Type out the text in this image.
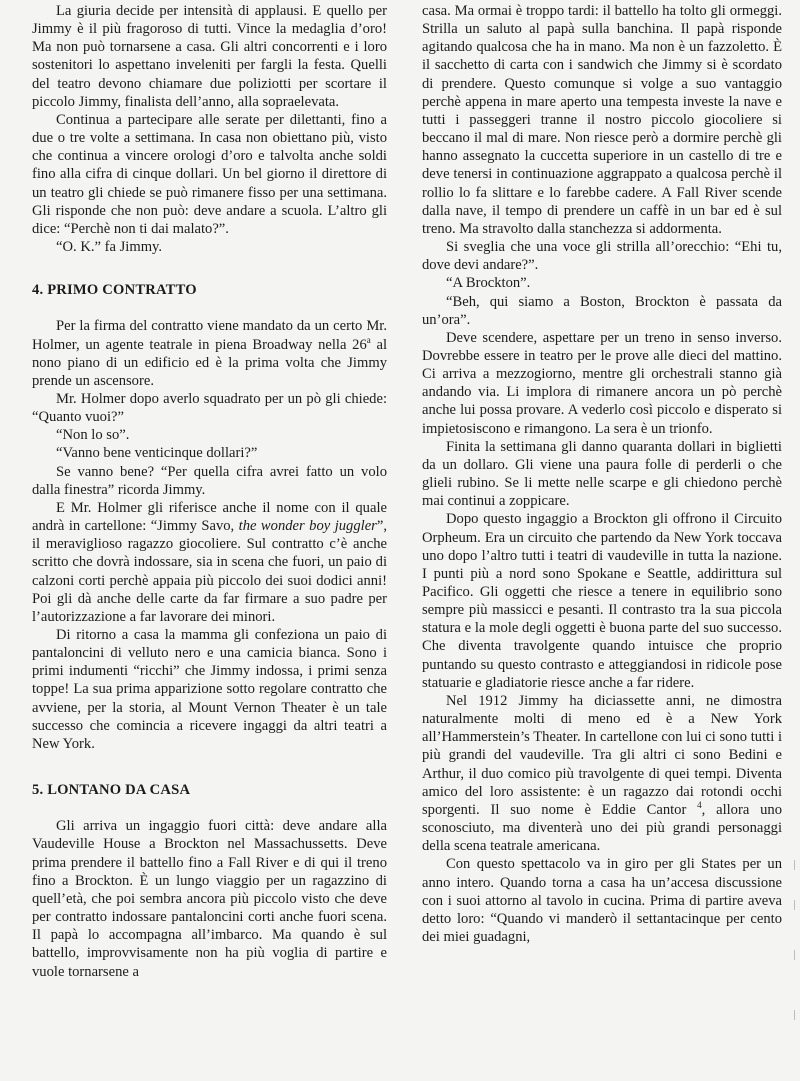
La giuria decide per intensità di applausi. E quello per Jimmy è il più fragoroso di tutti. Vince la medaglia d’oro! Ma non può tornarsene a casa. Gli altri concorrenti e i loro sostenitori lo aspettano inveleniti per fargli la festa. Quelli del teatro devono chiamare due poliziotti per scortare il piccolo Jimmy, finalista dell’anno, alla sopraelevata.

Continua a partecipare alle serate per dilettanti, fino a due o tre volte a settimana. In casa non obiettano più, visto che continua a vincere orologi d’oro e talvolta anche soldi fino alla cifra di cinque dollari. Un bel giorno il direttore di un teatro gli chiede se può rimanere fisso per una settimana. Gli risponde che non può: deve andare a scuola. L’altro gli dice: “Perchè non ti dai malato?”.

“O. K.” fa Jimmy.

4. PRIMO CONTRATTO

Per la firma del contratto viene mandato da un certo Mr. Holmer, un agente teatrale in piena Broadway nella 26$^a$ al nono piano di un edificio ed è la prima volta che Jimmy prende un ascensore.

Mr. Holmer dopo averlo squadrato per un pò gli chiede: “Quanto vuoi?”

“Non lo so”.

“Vanno bene venticinque dollari?”

Se vanno bene? “Per quella cifra avrei fatto un volo dalla finestra” ricorda Jimmy.

E Mr. Holmer gli riferisce anche il nome con il quale andrà in cartellone: “Jimmy Savo, the wonder boy juggler”, il meraviglioso ragazzo giocoliere. Sul contratto c’è anche scritto che dovrà indossare, sia in scena che fuori, un paio di calzoni corti perchè appaia più piccolo dei suoi dodici anni! Poi gli dà anche delle carte da far firmare a suo padre per l’autorizzazione a far lavorare dei minori.

Di ritorno a casa la mamma gli confeziona un paio di pantaloncini di velluto nero e una camicia bianca. Sono i primi indumenti “ricchi” che Jimmy indossa, i primi senza toppe! La sua prima apparizione sotto regolare contratto che avviene, per la storia, al Mount Vernon Theater è un tale successo che comincia a ricevere ingaggi da altri teatri a New York.

5. LONTANO DA CASA

Gli arriva un ingaggio fuori città: deve andare alla Vaudeville House a Brockton nel Massachussetts. Deve prima prendere il battello fino a Fall River e di qui il treno fino a Brockton. È un lungo viaggio per un ragazzino di quell’età, che poi sembra ancora più piccolo visto che deve per contratto indossare pantaloncini corti anche fuori scena. Il papà lo accompagna all’imbarco. Ma quando è sul battello, improvvisamente non ha più voglia di partire e vuole tornarsene a

casa. Ma ormai è troppo tardi: il battello ha tolto gli ormeggi. Strilla un saluto al papà sulla banchina. Il papà risponde agitando qualcosa che ha in mano. Ma non è un fazzoletto. È il sacchetto di carta con i sandwich che Jimmy si è scordato di prendere. Questo comunque si volge a suo vantaggio perchè appena in mare aperto una tempesta investe la nave e tutti i passeggeri tranne il nostro piccolo giocoliere si beccano il mal di mare. Non riesce però a dormire perchè gli hanno assegnato la cuccetta superiore in un castello di tre e deve tenersi in continuazione aggrappato a qualcosa perchè il rollio lo fa slittare e lo farebbe cadere. A Fall River scende dalla nave, il tempo di prendere un caffè in un bar ed è sul treno. Ma stravolto dalla stanchezza si addormenta.

Si sveglia che una voce gli strilla all’orecchio: “Ehi tu, dove devi andare?”.

“A Brockton”.

“Beh, qui siamo a Boston, Brockton è passata da un’ora”.

Deve scendere, aspettare per un treno in senso inverso. Dovrebbe essere in teatro per le prove alle dieci del mattino. Ci arriva a mezzogiorno, mentre gli orchestrali stanno già andando via. Li implora di rimanere ancora un pò perchè anche lui possa provare. A vederlo così piccolo e disperato si impietosiscono e rimangono. La sera è un trionfo.

Finita la settimana gli danno quaranta dollari in biglietti da un dollaro. Gli viene una paura folle di perderli o che glieli rubino. Se li mette nelle scarpe e gli chiedono perchè mai continui a zoppicare.

Dopo questo ingaggio a Brockton gli offrono il Circuito Orpheum. Era un circuito che partendo da New York toccava uno dopo l’altro tutti i teatri di vaudeville in tutta la nazione. I punti più a nord sono Spokane e Seattle, addirittura sul Pacifico. Gli oggetti che riesce a tenere in equilibrio sono sempre più massicci e pesanti. Il contrasto tra la sua piccola statura e la mole degli oggetti è buona parte del suo successo. Che diventa travolgente quando intuisce che proprio puntando su questo contrasto e atteggiandosi in ridicole pose statuarie e gladiatorie riesce anche a far ridere.

Nel 1912 Jimmy ha diciassette anni, ne dimostra naturalmente molti di meno ed è a New York all’Hammerstein’s Theater. In cartellone con lui ci sono tutti i più grandi del vaudeville. Tra gli altri ci sono Bedini e Arthur, il duo comico più travolgente di quei tempi. Diventa amico del loro assistente: è un ragazzo dai rotondi occhi sporgenti. Il suo nome è Eddie Cantor $^4$, allora uno sconosciuto, ma diventerà uno dei più grandi personaggi della scena teatrale americana.

Con questo spettacolo va in giro per gli States per un anno intero. Quando torna a casa ha un’accesa discussione con i suoi attorno al tavolo in cucina. Prima di partire aveva detto loro: “Quando vi manderò il settantacinque per cento dei miei guadagni,
